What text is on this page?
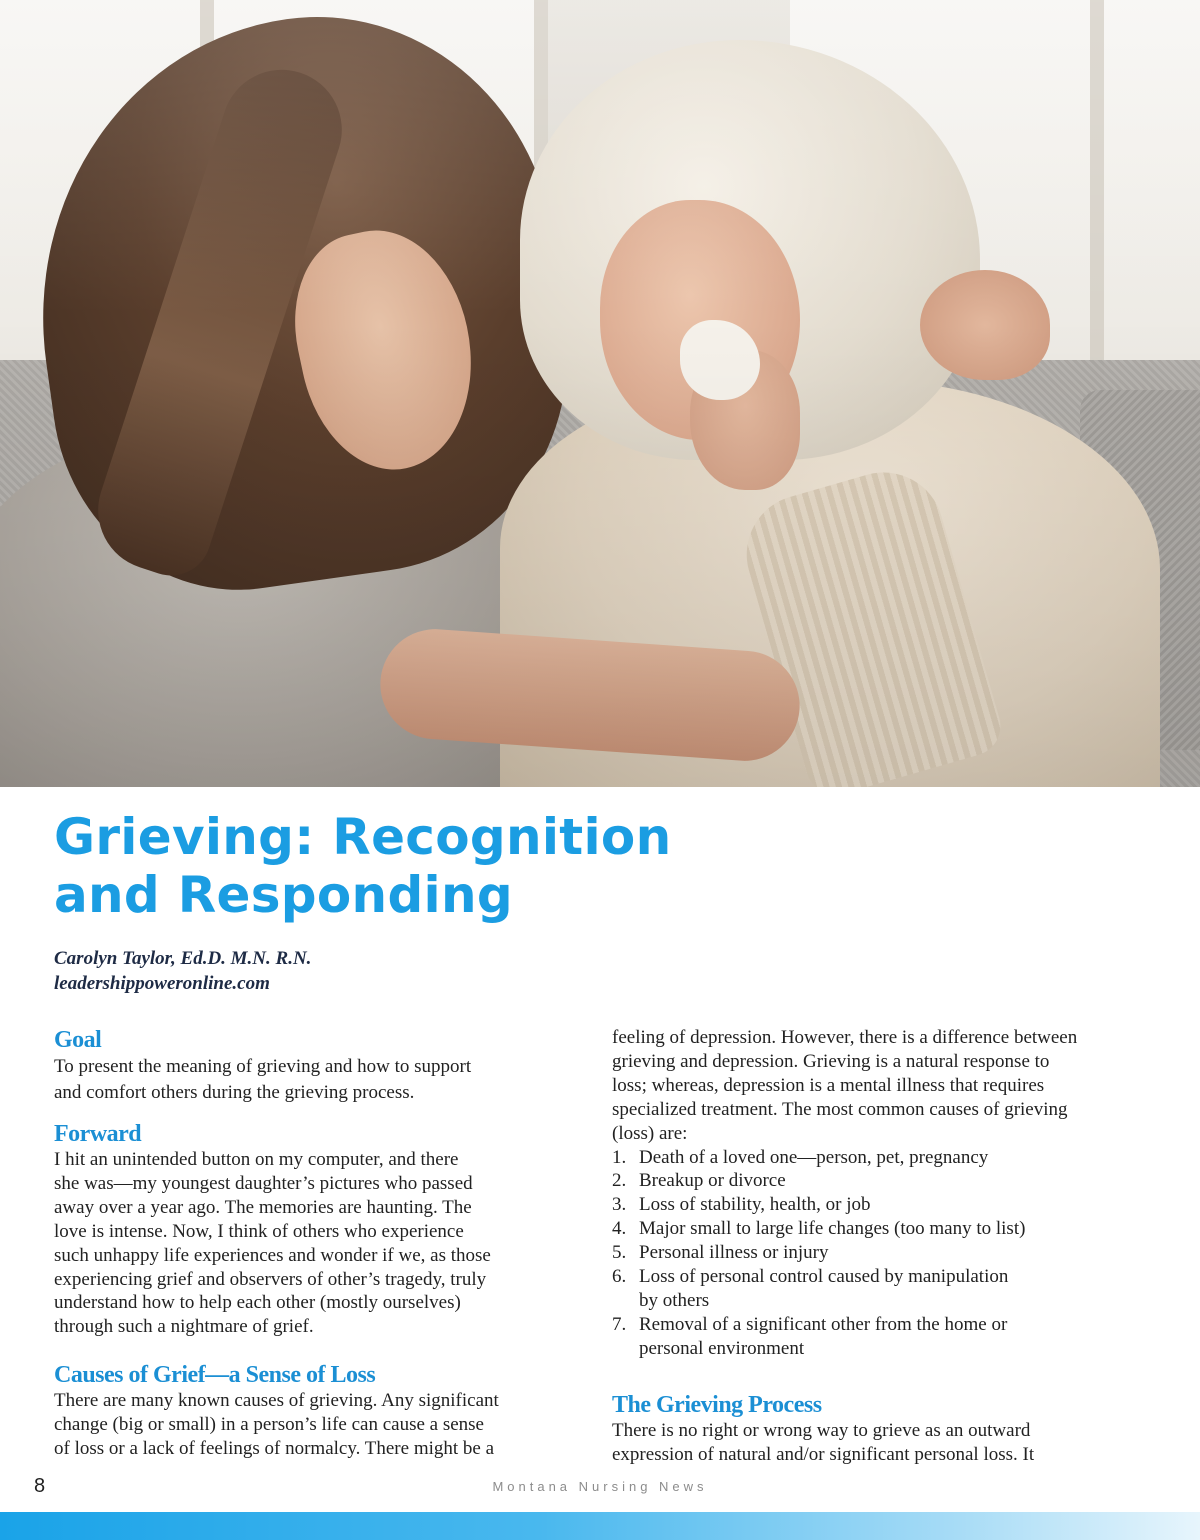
Grieving: Recognition
and Responding
Carolyn Taylor, Ed.D. M.N. R.N.
leadershippoweronline.com
Goal

To present the meaning of grieving and how to support
and comfort others during the grieving process.

Forward

I hit an unintended button on my computer, and there
she was—my youngest daughter’s pictures who passed
away over a year ago. The memories are haunting. The
love is intense. Now, I think of others who experience
such unhappy life experiences and wonder if we, as those
experiencing grief and observers of other’s tragedy, truly
understand how to help each other (mostly ourselves)
through such a nightmare of grief.

Causes of Grief—a Sense of Loss

There are many known causes of grieving. Any significant
change (big or small) in a person’s life can cause a sense
of loss or a lack of feelings of normalcy. There might be a

feeling of depression. However, there is a difference between
grieving and depression. Grieving is a natural response to
loss; whereas, depression is a mental illness that requires
specialized treatment. The most common causes of grieving
(loss) are:

1. Death of a loved one—person, pet, pregnancy
2. Breakup or divorce
3. Loss of stability, health, or job
4. Major small to large life changes (too many to list)
5. Personal illness or injury
6. Loss of personal control caused by manipulation
by others
7. Removal of a significant other from the home or
personal environment
The Grieving Process

There is no right or wrong way to grieve as an outward
expression of natural and/or significant personal loss. It

8	Montana Nursing News
